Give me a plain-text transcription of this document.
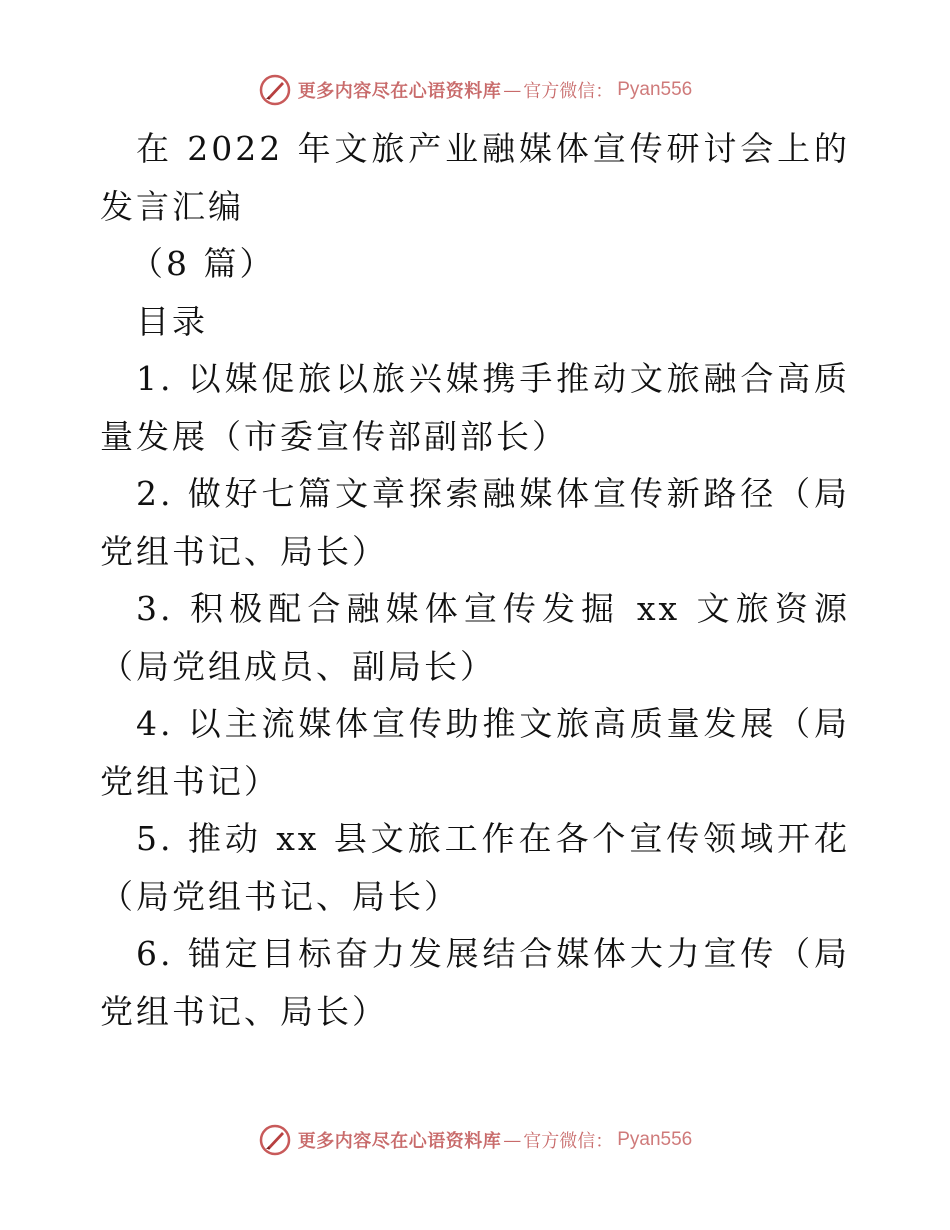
更多内容尽在心语资料库 — 官方微信： Pyan556

在 2022 年文旅产业融媒体宣传研讨会上的发言汇编

（8 篇）

目录

1. 以媒促旅以旅兴媒携手推动文旅融合高质量发展（市委宣传部副部长）

2. 做好七篇文章探索融媒体宣传新路径（局党组书记、局长）

3. 积极配合融媒体宣传发掘 xx 文旅资源（局党组成员、副局长）

4. 以主流媒体宣传助推文旅高质量发展（局党组书记）

5. 推动 xx 县文旅工作在各个宣传领域开花（局党组书记、局长）

6. 锚定目标奋力发展结合媒体大力宣传（局党组书记、局长）

更多内容尽在心语资料库 — 官方微信： Pyan556
